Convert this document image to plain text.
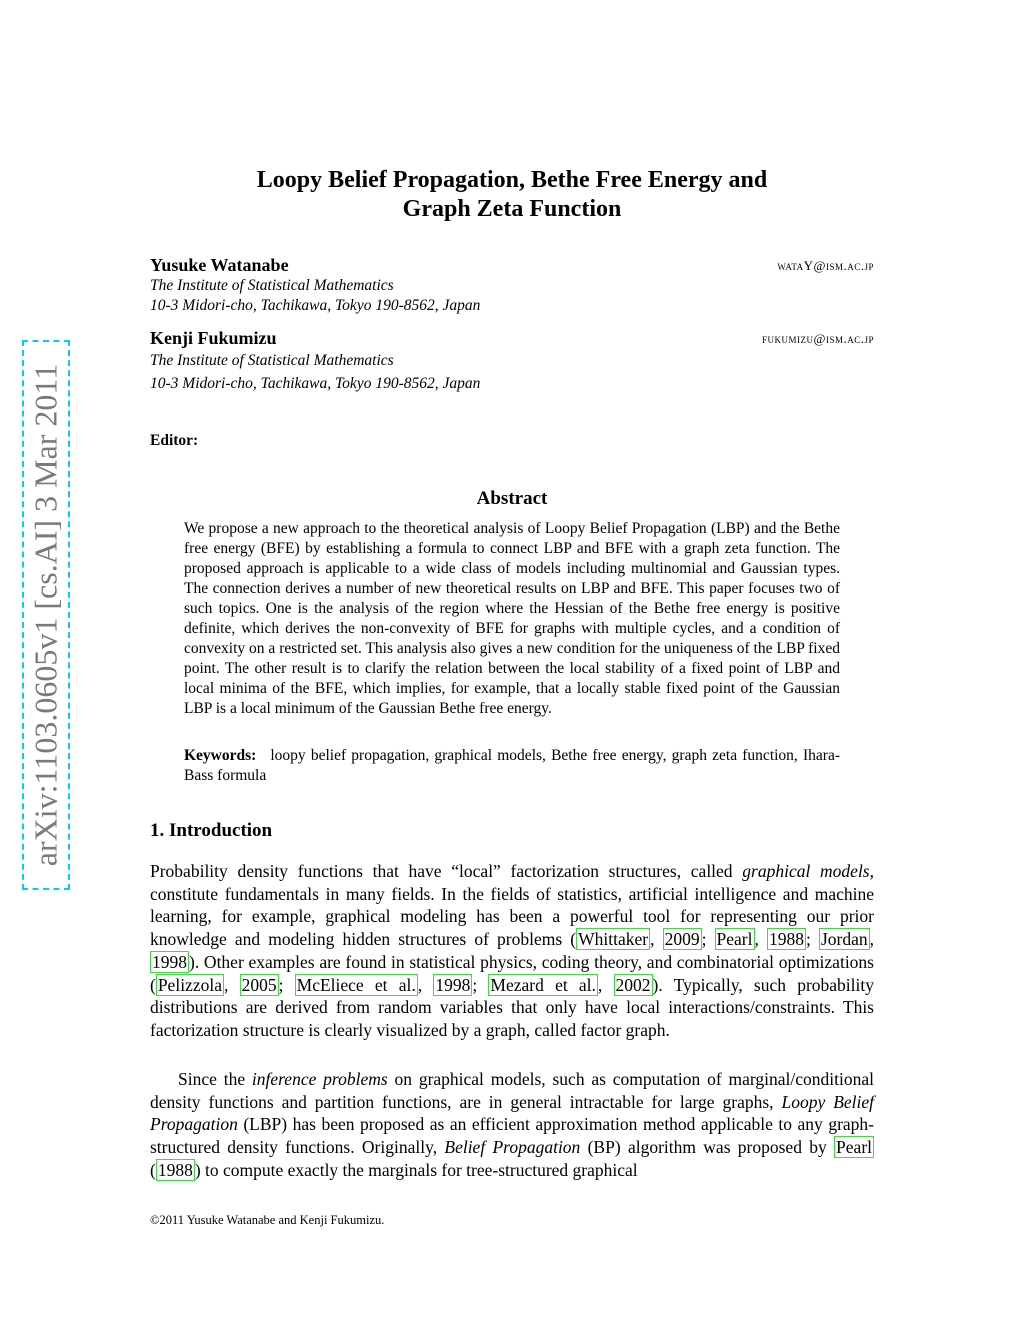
arXiv:1103.0605v1 [cs.AI] 3 Mar 2011
Loopy Belief Propagation, Bethe Free Energy and
Graph Zeta Function
Yusuke Watanabe	wataY@ism.ac.jp
The Institute of Statistical Mathematics
10-3 Midori-cho, Tachikawa, Tokyo 190-8562, Japan
Kenji Fukumizu	fukumizu@ism.ac.jp
The Institute of Statistical Mathematics
10-3 Midori-cho, Tachikawa, Tokyo 190-8562, Japan
Editor:
Abstract
We propose a new approach to the theoretical analysis of Loopy Belief Propagation (LBP) and the Bethe free energy (BFE) by establishing a formula to connect LBP and BFE with a graph zeta function. The proposed approach is applicable to a wide class of models including multinomial and Gaussian types. The connection derives a number of new theoretical results on LBP and BFE. This paper focuses two of such topics. One is the analysis of the region where the Hessian of the Bethe free energy is positive definite, which derives the non-convexity of BFE for graphs with multiple cycles, and a condition of convexity on a restricted set. This analysis also gives a new condition for the uniqueness of the LBP fixed point. The other result is to clarify the relation between the local stability of a fixed point of LBP and local minima of the BFE, which implies, for example, that a locally stable fixed point of the Gaussian LBP is a local minimum of the Gaussian Bethe free energy.
Keywords: loopy belief propagation, graphical models, Bethe free energy, graph zeta function, Ihara-Bass formula
1. Introduction

Probability density functions that have “local” factorization structures, called graphical models, constitute fundamentals in many fields. In the fields of statistics, artificial intelligence and machine learning, for example, graphical modeling has been a powerful tool for representing our prior knowledge and modeling hidden structures of problems ( Whittaker , 2009 ; Pearl , 1988 ; Jordan , 1998 ). Other examples are found in statistical physics, coding theory, and combinatorial optimizations ( Pelizzola , 2005 ; McEliece et al. , 1998 ; Mezard et al. , 2002 ). Typically, such probability distributions are derived from random variables that only have local interactions/constraints. This factorization structure is clearly visualized by a graph, called factor graph.

Since the inference problems on graphical models, such as computation of marginal/conditional density functions and partition functions, are in general intractable for large graphs, Loopy Belief Propagation (LBP) has been proposed as an efficient approximation method applicable to any graph-structured density functions. Originally, Belief Propagation (BP) algorithm was proposed by Pearl ( 1988 ) to compute exactly the marginals for tree-structured graphical

©2011 Yusuke Watanabe and Kenji Fukumizu.
